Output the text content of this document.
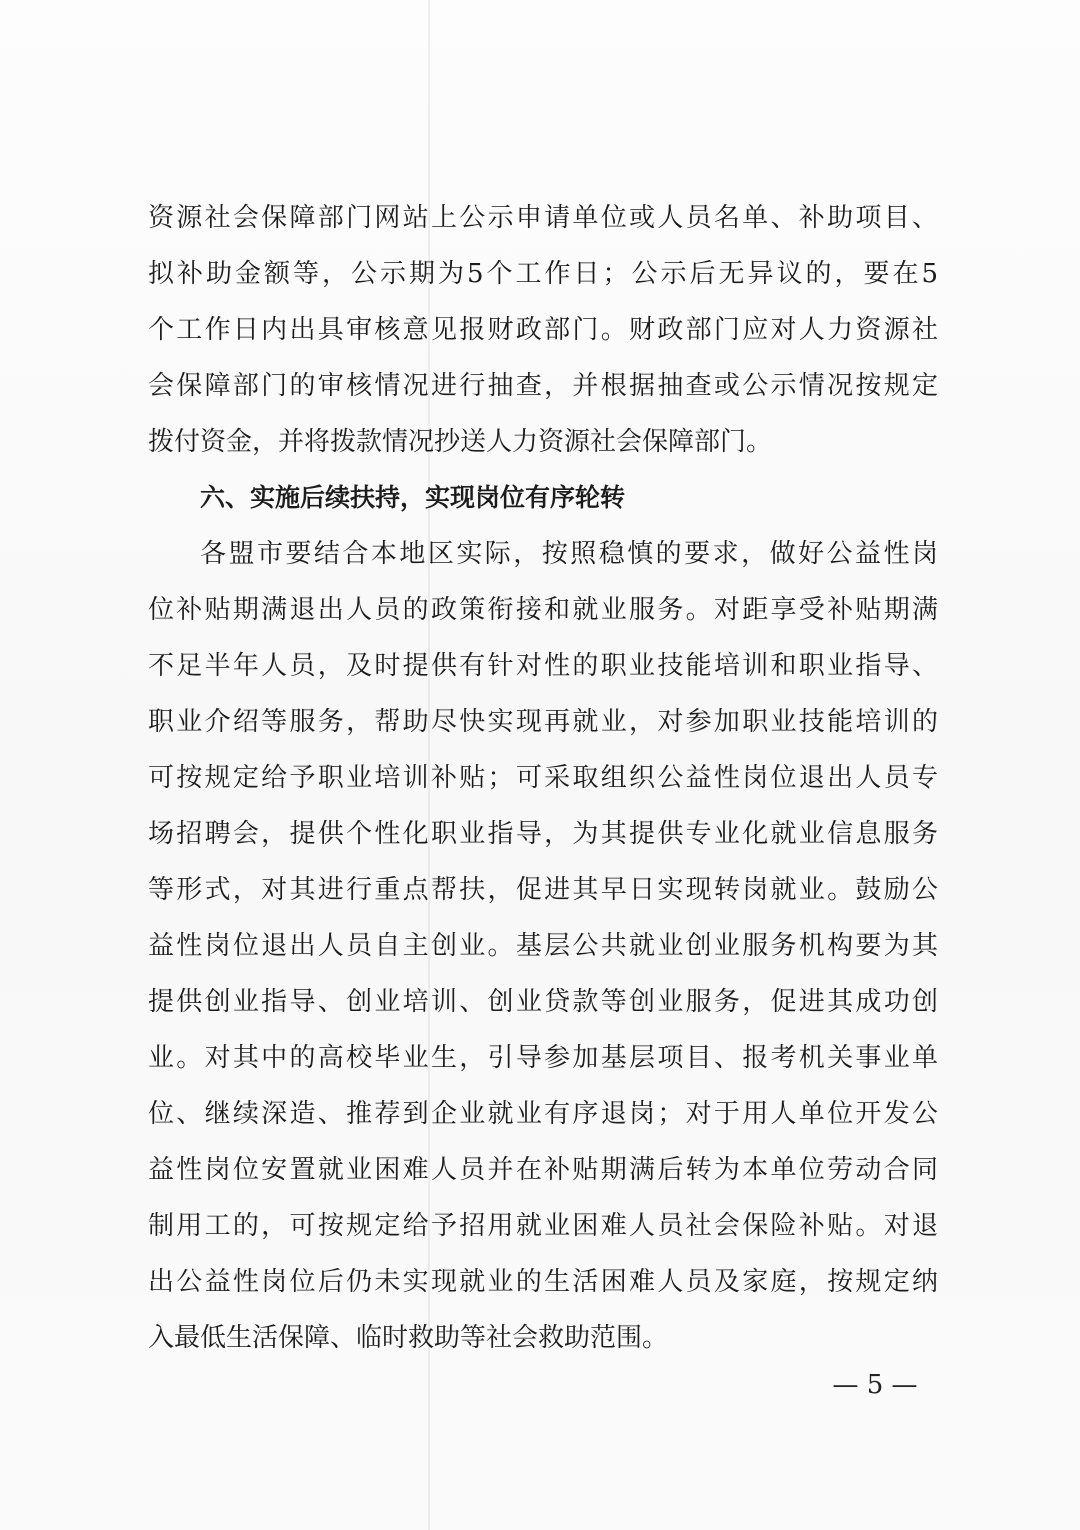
资源社会保障部门网站上公示申请单位或人员名单、补助项目、
拟补助金额等，公示期为5个工作日；公示后无异议的，要在5
个工作日内出具审核意见报财政部门。财政部门应对人力资源社
会保障部门的审核情况进行抽查，并根据抽查或公示情况按规定
拨付资金，并将拨款情况抄送人力资源社会保障部门。
六、实施后续扶持，实现岗位有序轮转
各盟市要结合本地区实际，按照稳慎的要求，做好公益性岗
位补贴期满退出人员的政策衔接和就业服务。对距享受补贴期满
不足半年人员，及时提供有针对性的职业技能培训和职业指导、
职业介绍等服务，帮助尽快实现再就业，对参加职业技能培训的
可按规定给予职业培训补贴；可采取组织公益性岗位退出人员专
场招聘会，提供个性化职业指导，为其提供专业化就业信息服务
等形式，对其进行重点帮扶，促进其早日实现转岗就业。鼓励公
益性岗位退出人员自主创业。基层公共就业创业服务机构要为其
提供创业指导、创业培训、创业贷款等创业服务，促进其成功创
业。对其中的高校毕业生，引导参加基层项目、报考机关事业单
位、继续深造、推荐到企业就业有序退岗；对于用人单位开发公
益性岗位安置就业困难人员并在补贴期满后转为本单位劳动合同
制用工的，可按规定给予招用就业困难人员社会保险补贴。对退
出公益性岗位后仍未实现就业的生活困难人员及家庭，按规定纳
入最低生活保障、临时救助等社会救助范围。
— 5 —
